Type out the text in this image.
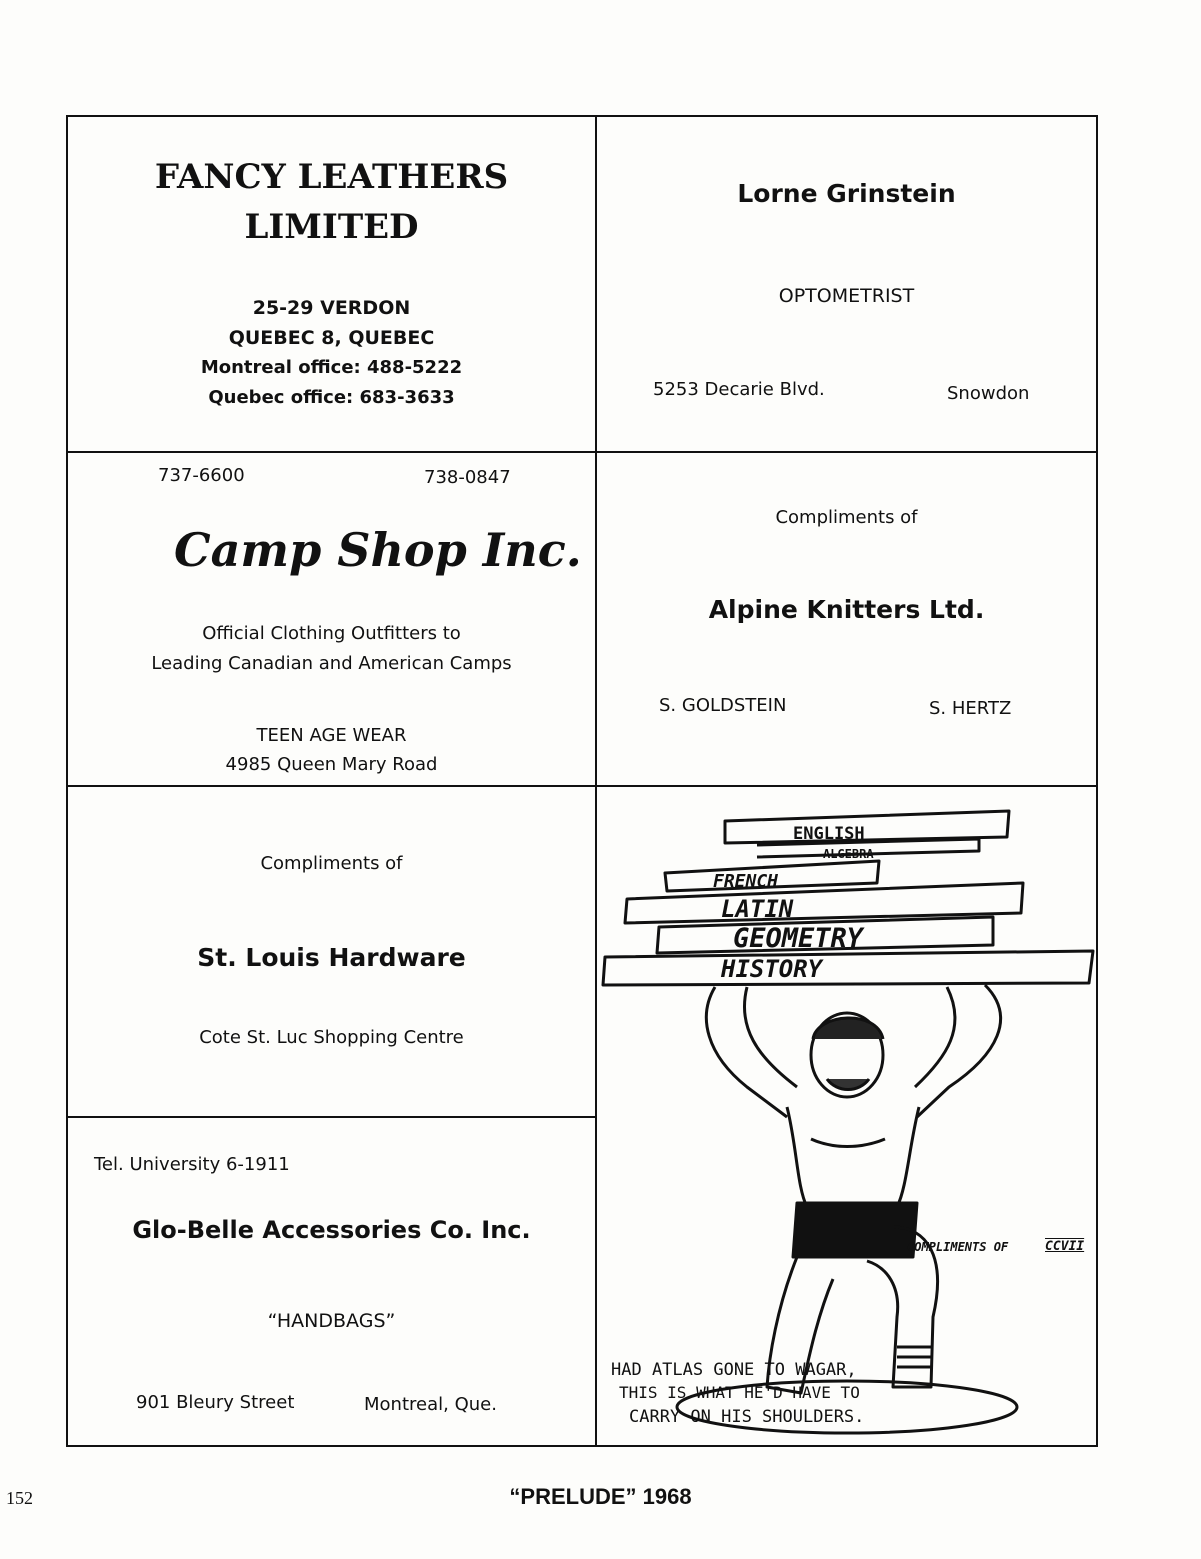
FANCY LEATHERS
LIMITED
25-29 VERDON
QUEBEC 8, QUEBEC
Montreal office: 488-5222
Quebec office: 683-3633
Lorne Grinstein
OPTOMETRIST
5253 Decarie Blvd.	Snowdon
737-6600	738-0847
Camp Shop Inc.
Official Clothing Outfitters to
Leading Canadian and American Camps
TEEN AGE WEAR
4985 Queen Mary Road
Compliments of
Alpine Knitters Ltd.
S. GOLDSTEIN	S. HERTZ
Compliments of
St. Louis Hardware
Cote St. Luc Shopping Centre
Tel. University 6-1911
Glo-Belle Accessories Co. Inc.
“HANDBAGS”
901 Bleury Street	Montreal, Que.
ENGLISH
ALGEBRA
FRENCH
LATIN
GEOMETRY
HISTORY
COMPLIMENTS OF	CCVII
HAD ATLAS GONE TO WAGAR,
THIS IS WHAT HE'D HAVE TO
CARRY ON HIS SHOULDERS.
152	“PRELUDE” 1968
